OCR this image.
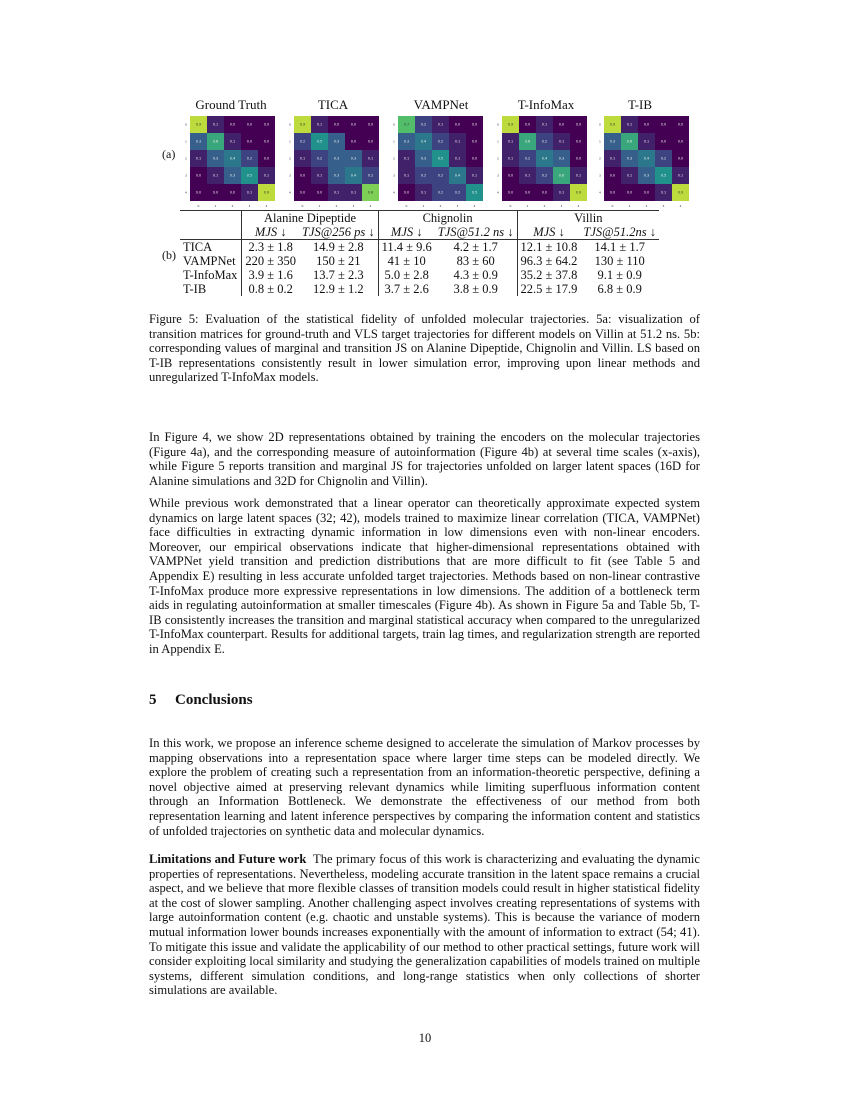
(a)
(b)
Ground Truth	TICA	VAMPNet	T-InfoMax	T-IB
0.9	0.1	0.0	0.0	0.0
0.3	0.6	0.1	0.0	0.0
0.1	0.3	0.4	0.2	0.0
0.0	0.1	0.3	0.5	0.1
0.0	0.0	0.0	0.1	0.9
0
0
1
1
2
2
3
3
4
4
0.9	0.1	0.0	0.0	0.0
0.2	0.5	0.3	0.0	0.0
0.1	0.2	0.3	0.3	0.1
0.0	0.1	0.3	0.4	0.2
0.0	0.0	0.1	0.1	0.8
0
0
1
1
2
2
3
3
4
4
0.7	0.2	0.1	0.0	0.0
0.3	0.4	0.2	0.1	0.0
0.1	0.3	0.5	0.1	0.0
0.1	0.2	0.2	0.4	0.1
0.0	0.1	0.2	0.2	0.5
0
0
1
1
2
2
3
3
4
4
0.9	0.0	0.1	0.0	0.0
0.1	0.6	0.2	0.1	0.0
0.1	0.2	0.4	0.3	0.0
0.0	0.1	0.2	0.6	0.1
0.0	0.0	0.0	0.1	0.9
0
0
1
1
2
2
3
3
4
4
0.9	0.1	0.0	0.0	0.0
0.3	0.6	0.1	0.0	0.0
0.1	0.3	0.4	0.2	0.0
0.0	0.1	0.3	0.5	0.1
0.0	0.0	0.0	0.1	0.9
0
0
1
1
2
2
3
3
4
4
	Alanine Dipeptide		Chignolin		Villin	
	MJS ↓	TJS@256 ps ↓	MJS ↓	TJS@51.2 ns ↓	MJS ↓	TJS@51.2ns ↓
TICA	2.3 ± 1.8	14.9 ± 2.8	11.4 ± 9.6	4.2 ± 1.7	12.1 ± 10.8	14.1 ± 1.7
VAMPNet	220 ± 350	150 ± 21	41 ± 10	83 ± 60	96.3 ± 64.2	130 ± 110
T-InfoMax	3.9 ± 1.6	13.7 ± 2.3	5.0 ± 2.8	4.3 ± 0.9	35.2 ± 37.8	9.1 ± 0.9
T-IB	0.8 ± 0.2	12.9 ± 1.2	3.7 ± 2.6	3.8 ± 0.9	22.5 ± 17.9	6.8 ± 0.9

Figure 5: Evaluation of the statistical fidelity of unfolded molecular trajectories. 5a: visualization of transition matrices for ground-truth and VLS target trajectories for different models on Villin at 51.2 ns. 5b: corresponding values of marginal and transition JS on Alanine Dipeptide, Chignolin and Villin. LS based on T-IB representations consistently result in lower simulation error, improving upon linear methods and unregularized T-InfoMax models.

In Figure 4, we show 2D representations obtained by training the encoders on the molecular trajectories (Figure 4a), and the corresponding measure of autoinformation (Figure 4b) at several time scales (x-axis), while Figure 5 reports transition and marginal JS for trajectories unfolded on larger latent spaces (16D for Alanine simulations and 32D for Chignolin and Villin).

While previous work demonstrated that a linear operator can theoretically approximate expected system dynamics on large latent spaces (32; 42), models trained to maximize linear correlation (TICA, VAMPNet) face difficulties in extracting dynamic information in low dimensions even with non-linear encoders. Moreover, our empirical observations indicate that higher-dimensional representations obtained with VAMPNet yield transition and prediction distributions that are more difficult to fit (see Table 5 and Appendix E) resulting in less accurate unfolded target trajectories. Methods based on non-linear contrastive T-InfoMax produce more expressive representations in low dimensions. The addition of a bottleneck term aids in regulating autoinformation at smaller timescales (Figure 4b). As shown in Figure 5a and Table 5b, T-IB consistently increases the transition and marginal statistical accuracy when compared to the unregularized T-InfoMax counterpart. Results for additional targets, train lag times, and regularization strength are reported in Appendix E.

5 Conclusions

In this work, we propose an inference scheme designed to accelerate the simulation of Markov processes by mapping observations into a representation space where larger time steps can be modeled directly. We explore the problem of creating such a representation from an information-theoretic perspective, defining a novel objective aimed at preserving relevant dynamics while limiting superfluous information content through an Information Bottleneck. We demonstrate the effectiveness of our method from both representation learning and latent inference perspectives by comparing the information content and statistics of unfolded trajectories on synthetic data and molecular dynamics.

Limitations and Future work The primary focus of this work is characterizing and evaluating the dynamic properties of representations. Nevertheless, modeling accurate transition in the latent space remains a crucial aspect, and we believe that more flexible classes of transition models could result in higher statistical fidelity at the cost of slower sampling. Another challenging aspect involves creating representations of systems with large autoinformation content (e.g. chaotic and unstable systems). This is because the variance of modern mutual information lower bounds increases exponentially with the amount of information to extract (54; 41). To mitigate this issue and validate the applicability of our method to other practical settings, future work will consider exploiting local similarity and studying the generalization capabilities of models trained on multiple systems, different simulation conditions, and long-range statistics when only collections of shorter simulations are available.

10
